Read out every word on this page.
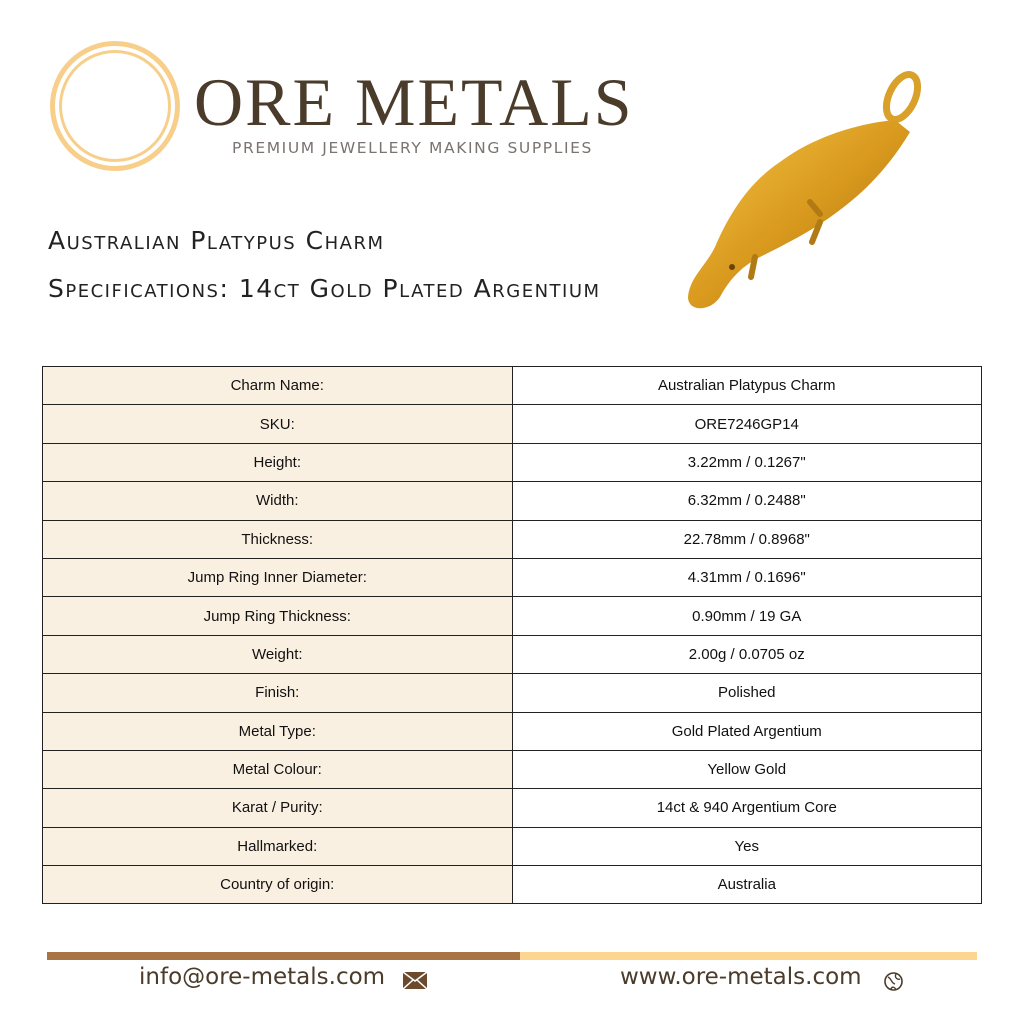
ORE METALS
PREMIUM JEWELLERY MAKING SUPPLIES
Australian Platypus Charm
Specifications: 14ct Gold Plated Argentium
Charm Name:	Australian Platypus Charm
SKU:	ORE7246GP14
Height:	3.22mm / 0.1267"
Width:	6.32mm / 0.2488"
Thickness:	22.78mm / 0.8968"
Jump Ring Inner Diameter:	4.31mm / 0.1696"
Jump Ring Thickness:	0.90mm / 19 GA
Weight:	2.00g / 0.0705 oz
Finish:	Polished
Metal Type:	Gold Plated Argentium
Metal Colour:	Yellow Gold
Karat / Purity:	14ct & 940 Argentium Core
Hallmarked:	Yes
Country of origin:	Australia
info@ore-metals.com	www.ore-metals.com
